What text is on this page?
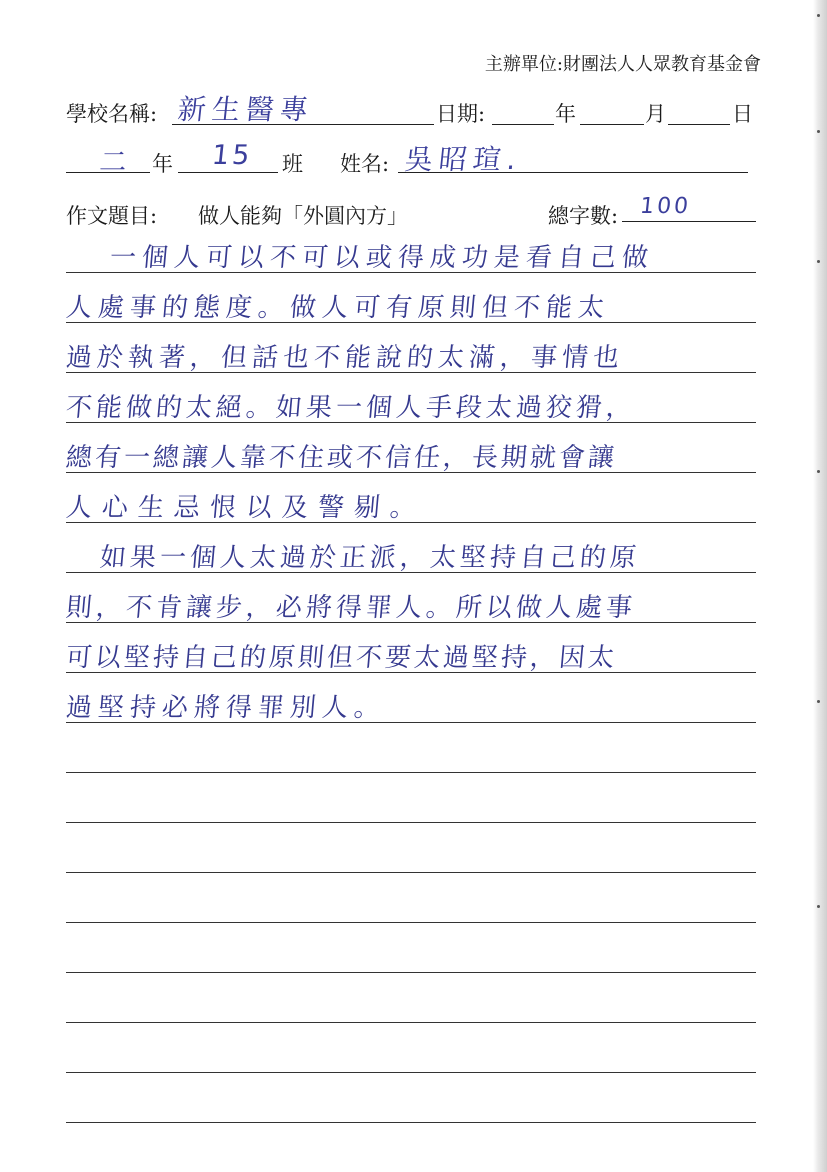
主辦單位:財團法人人眾教育基金會
學校名稱: 新生醫專	日期:	年	月	日
二 年 15 班 姓名: 吳昭瑄.
作文題目: 做人能夠「外圓內方」	總字數: 100
一個人可以不可以或得成功是看自己做
人處事的態度。做人可有原則但不能太
過於執著，但話也不能說的太滿，事情也
不能做的太絕。如果一個人手段太過狡猾，
總有一總讓人靠不住或不信任，長期就會讓
人心生忌恨以及警剔。
如果一個人太過於正派，太堅持自己的原
則，不肯讓步，必將得罪人。所以做人處事
可以堅持自己的原則但不要太過堅持，因太
過堅持必將得罪別人。
